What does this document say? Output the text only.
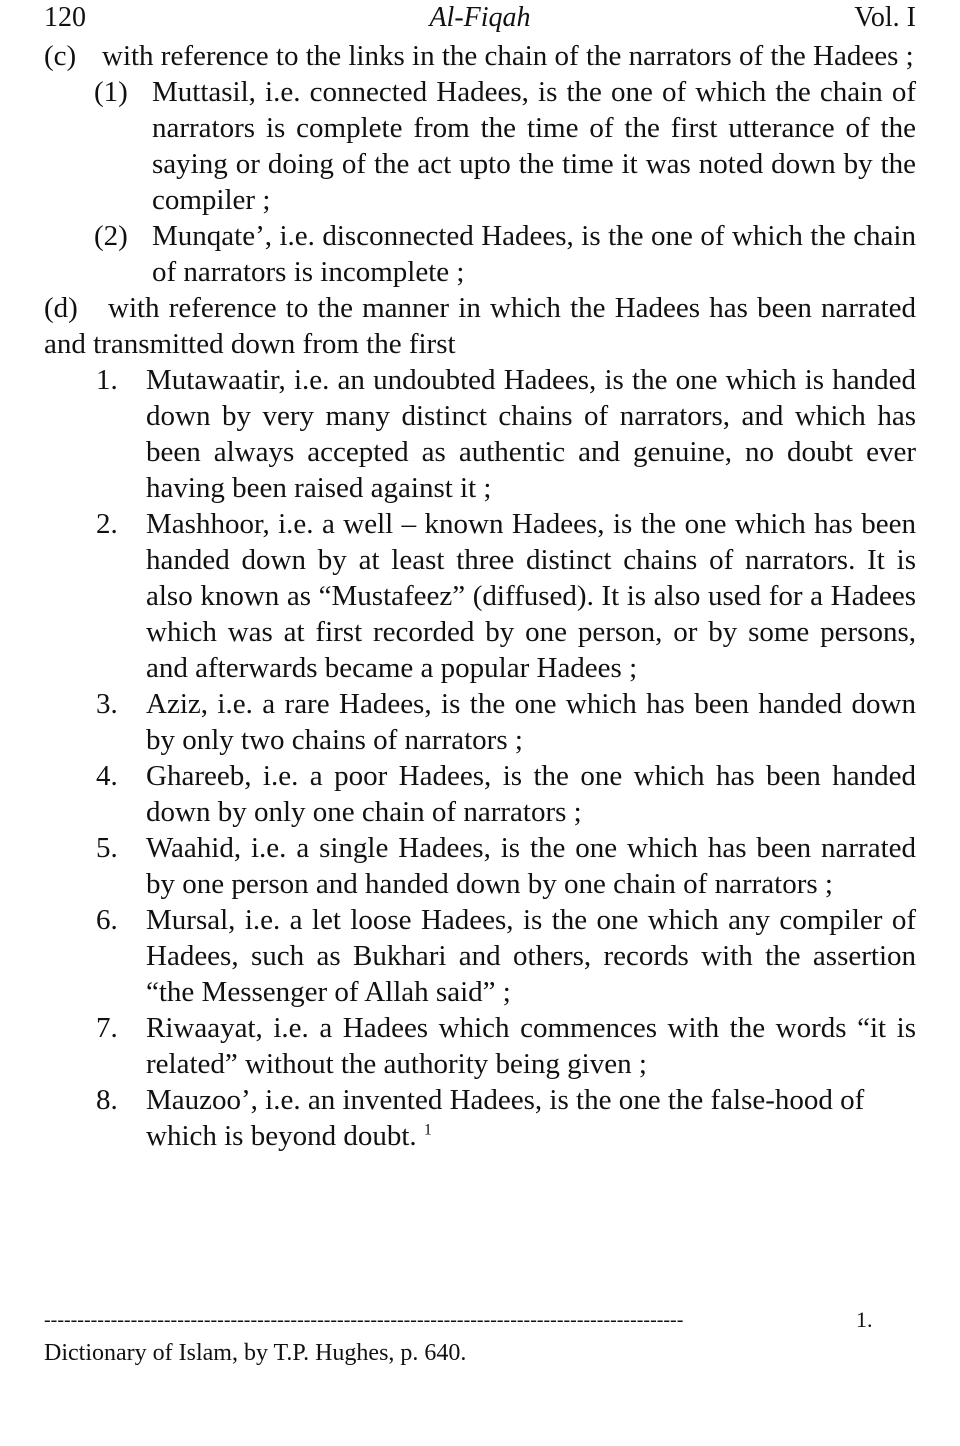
120	Al-Fiqah	Vol. I
(c) with reference to the links in the chain of the narrators of the Hadees ;

(1) Muttasil, i.e. connected Hadees, is the one of which the chain of narrators is complete from the time of the first utterance of the saying or doing of the act upto the time it was noted down by the compiler ;
(2) Munqate’, i.e. disconnected Hadees, is the one of which the chain of narrators is incomplete ;
(d)	with reference to the manner in which the Hadees has been narrated and transmitted down from the first

1. Mutawaatir, i.e. an undoubted Hadees, is the one which is handed down by very many distinct chains of narrators, and which has been always accepted as authentic and genuine, no doubt ever having been raised against it ;
2. Mashhoor, i.e. a well – known Hadees, is the one which has been handed down by at least three distinct chains of narrators. It is also known as “Mustafeez” (diffused). It is also used for a Hadees which was at first recorded by one person, or by some persons, and afterwards became a popular Hadees ;
3. Aziz, i.e. a rare Hadees, is the one which has been handed down by only two chains of narrators ;
4. Ghareeb, i.e. a poor Hadees, is the one which has been handed down by only one chain of narrators ;
5. Waahid, i.e. a single Hadees, is the one which has been narrated by one person and handed down by one chain of narrators ;
6. Mursal, i.e. a let loose Hadees, is the one which any compiler of Hadees, such as Bukhari and others, records with the assertion “the Messenger of Allah said” ;
7. Riwaayat, i.e. a Hadees which commences with the words “it is related” without the authority being given ;
8. Mauzoo’, i.e. an invented Hadees, is the one the false-hood of which is beyond doubt. $^1$
------------------------------------------------------------------------------------------------	1.
Dictionary of Islam, by T.P. Hughes, p. 640.
